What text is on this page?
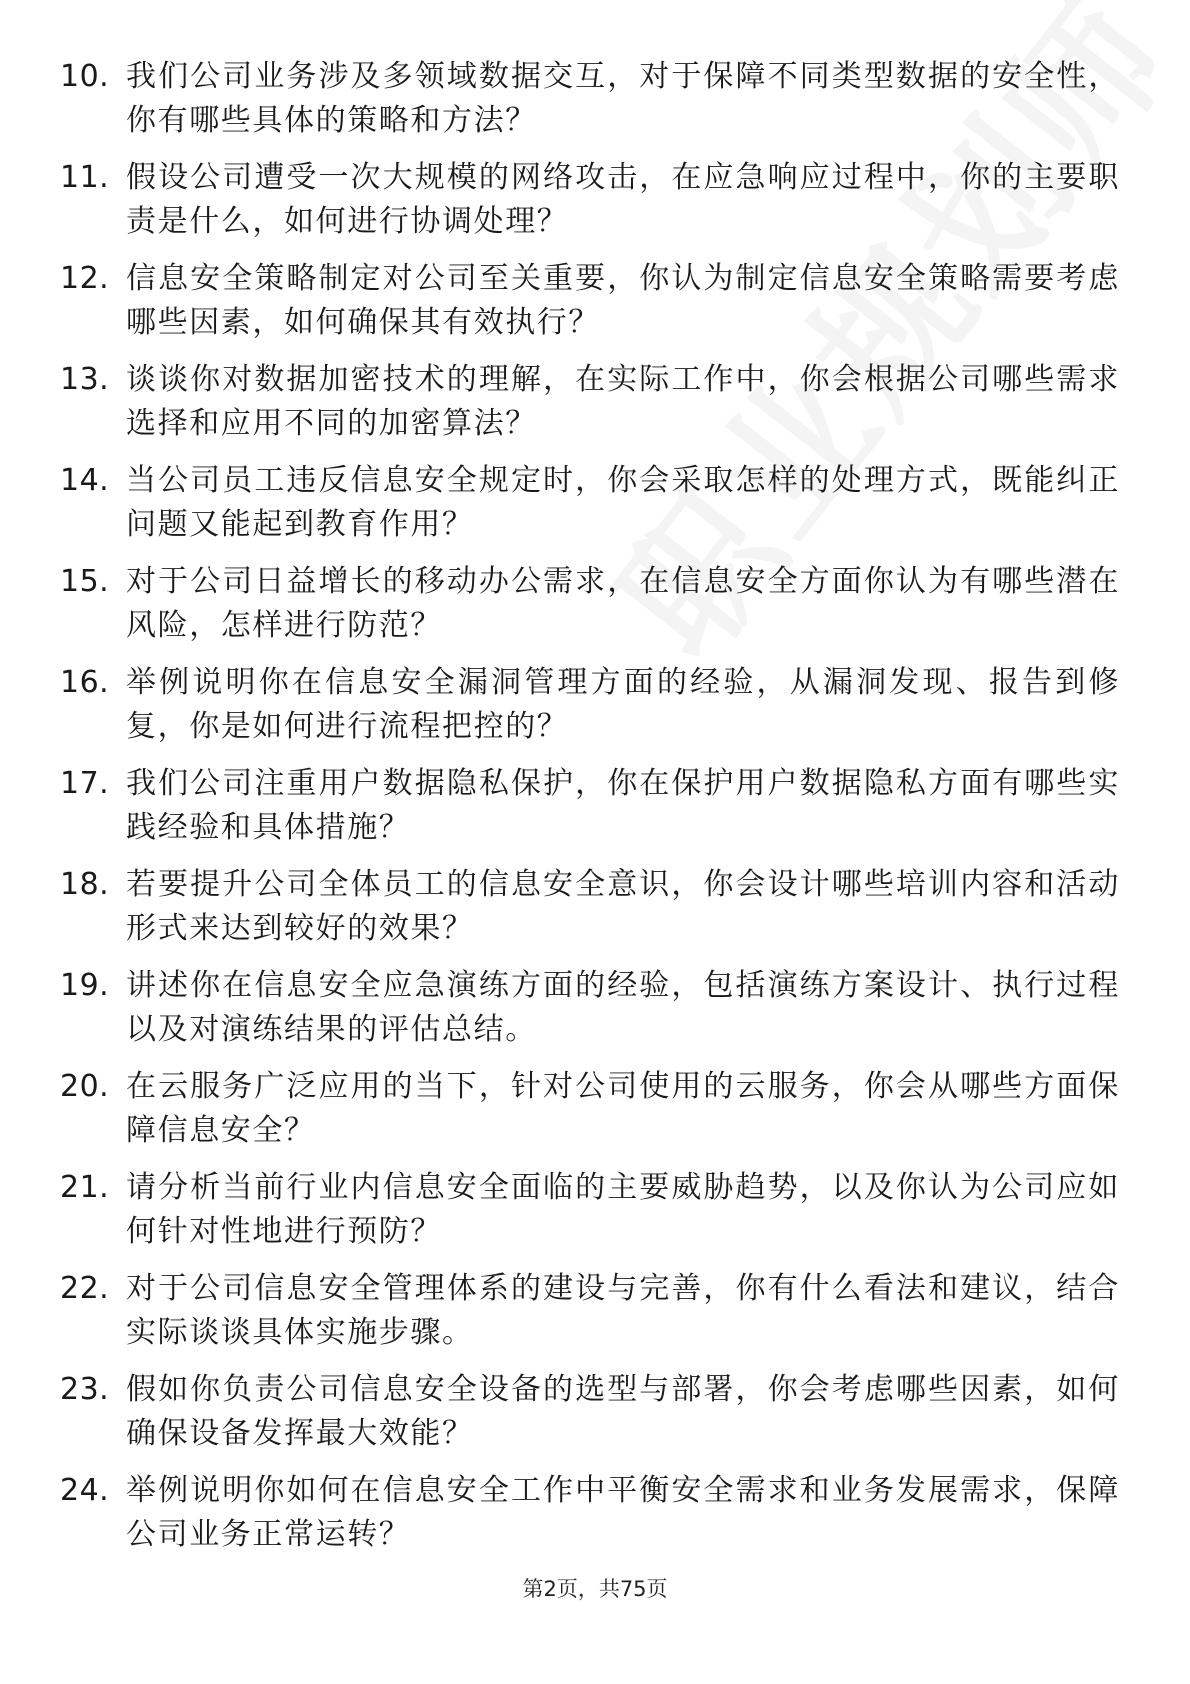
10. 我们公司业务涉及多领域数据交互，对于保障不同类型数据的安全性，你有哪些具体的策略和方法？
11. 假设公司遭受一次大规模的网络攻击，在应急响应过程中，你的主要职责是什么，如何进行协调处理？
12. 信息安全策略制定对公司至关重要，你认为制定信息安全策略需要考虑哪些因素，如何确保其有效执行？
13. 谈谈你对数据加密技术的理解，在实际工作中，你会根据公司哪些需求选择和应用不同的加密算法？
14. 当公司员工违反信息安全规定时，你会采取怎样的处理方式，既能纠正问题又能起到教育作用？
15. 对于公司日益增长的移动办公需求，在信息安全方面你认为有哪些潜在风险，怎样进行防范？
16. 举例说明你在信息安全漏洞管理方面的经验，从漏洞发现、报告到修复，你是如何进行流程把控的？
17. 我们公司注重用户数据隐私保护，你在保护用户数据隐私方面有哪些实践经验和具体措施？
18. 若要提升公司全体员工的信息安全意识，你会设计哪些培训内容和活动形式来达到较好的效果？
19. 讲述你在信息安全应急演练方面的经验，包括演练方案设计、执行过程以及对演练结果的评估总结。
20. 在云服务广泛应用的当下，针对公司使用的云服务，你会从哪些方面保障信息安全？
21. 请分析当前行业内信息安全面临的主要威胁趋势，以及你认为公司应如何针对性地进行预防？
22. 对于公司信息安全管理体系的建设与完善，你有什么看法和建议，结合实际谈谈具体实施步骤。
23. 假如你负责公司信息安全设备的选型与部署，你会考虑哪些因素，如何确保设备发挥最大效能？
24. 举例说明你如何在信息安全工作中平衡安全需求和业务发展需求，保障公司业务正常运转？
第2页，共75页
